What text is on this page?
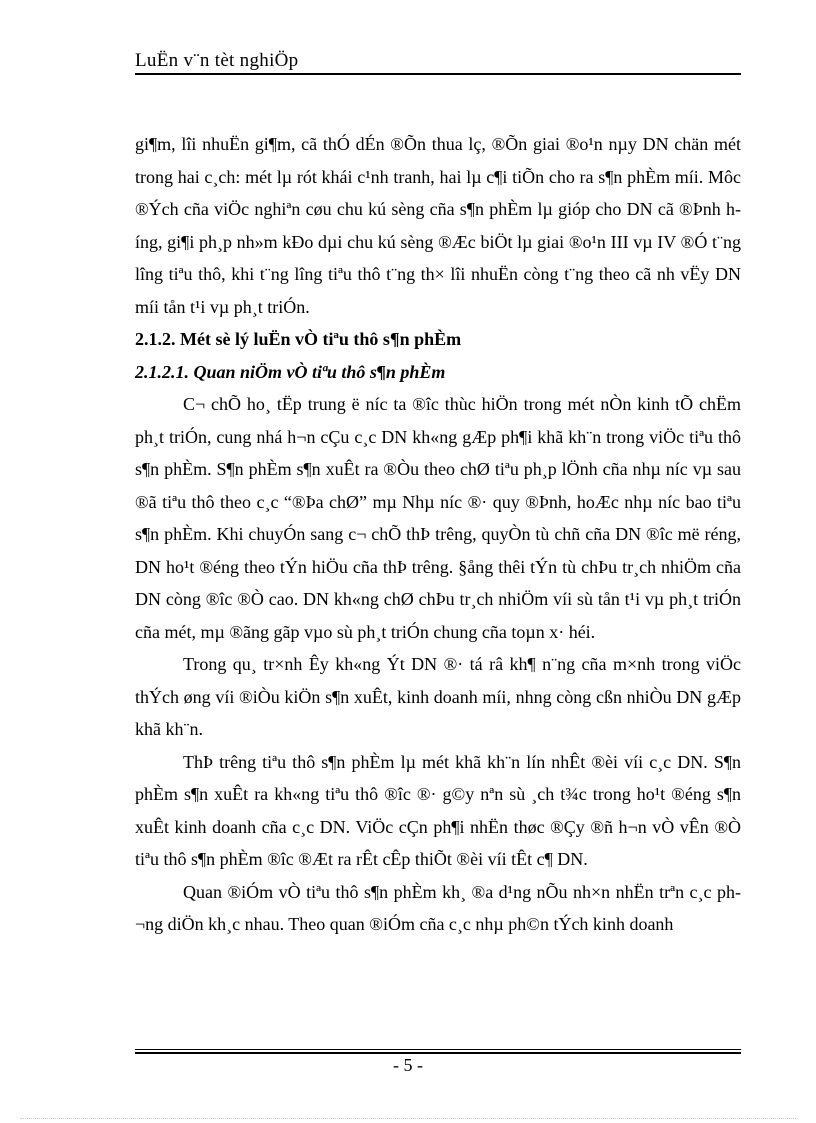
LuËn v¨n tèt nghiÖp

gi¶m, lîi nhuËn gi¶m, cã thÓ dÉn ®Õn thua lç, ®Õn giai ®o¹n nµy DN chän mét trong hai c¸ch: mét lµ rót khái c¹nh tranh, hai lµ c¶i tiÕn cho ra s¶n phÈm míi. Môc ®Ých cña viÖc nghiªn cøu chu kú sèng cña s¶n phÈm lµ gióp cho DN cã ®Þnh híng, gi¶i ph¸p nh»m kÐo dµi chu kú sèng ®Æc biÖt lµ giai ®o¹n III vµ IV ®Ó t¨ng lîng tiªu thô, khi t¨ng lîng tiªu thô t¨ng th× lîi nhuËn còng t¨ng theo cã nh vËy DN míi tån t¹i vµ ph¸t triÓn.

2.1.2. Mét sè lý luËn vÒ tiªu thô s¶n phÈm

2.1.2.1. Quan niÖm vÒ tiªu thô s¶n phÈm

C¬ chÕ ho¸ tËp trung ë níc ta ®îc thùc hiÖn trong mét nÒn kinh tÕ chËm ph¸t triÓn, cung nhá h¬n cÇu c¸c DN kh«ng gÆp ph¶i khã kh¨n trong viÖc tiªu thô s¶n phÈm. S¶n phÈm s¶n xuÊt ra ®Òu theo chØ tiªu ph¸p lÖnh cña nhµ níc vµ sau ®ã tiªu thô theo c¸c “®Þa chØ” mµ Nhµ níc ®· quy ®Þnh, hoÆc nhµ níc bao tiªu s¶n phÈm. Khi chuyÓn sang c¬ chÕ thÞ trêng, quyÒn tù chñ cña DN ®îc më réng, DN ho¹t ®éng theo tÝn hiÖu cña thÞ trêng. §ång thêi tÝn tù chÞu tr¸ch nhiÖm cña DN còng ®îc ®Ò cao. DN kh«ng chØ chÞu tr¸ch nhiÖm víi sù tån t¹i vµ ph¸t triÓn cña mét, mµ ®ãng gãp vµo sù ph¸t triÓn chung cña toµn x· héi.

Trong qu¸ tr×nh Êy kh«ng Ýt DN ®· tá râ kh¶ n¨ng cña m×nh trong viÖc thÝch øng víi ®iÒu kiÖn s¶n xuÊt, kinh doanh míi, nhng còng cßn nhiÒu DN gÆp khã kh¨n.

ThÞ trêng tiªu thô s¶n phÈm lµ mét khã kh¨n lín nhÊt ®èi víi c¸c DN. S¶n phÈm s¶n xuÊt ra kh«ng tiªu thô ®îc ®· g©y nªn sù ¸ch t¾c trong ho¹t ®éng s¶n xuÊt kinh doanh cña c¸c DN. ViÖc cÇn ph¶i nhËn thøc ®Çy ®ñ h¬n vÒ vÊn ®Ò tiªu thô s¶n phÈm ®îc ®Æt ra rÊt cÊp thiÕt ®èi víi tÊt c¶ DN.

Quan ®iÓm vÒ tiªu thô s¶n phÈm kh¸ ®a d¹ng nÕu nh×n nhËn trªn c¸c ph¬ng diÖn kh¸c nhau. Theo quan ®iÓm cña c¸c nhµ ph©n tÝch kinh doanh

- 5 -
